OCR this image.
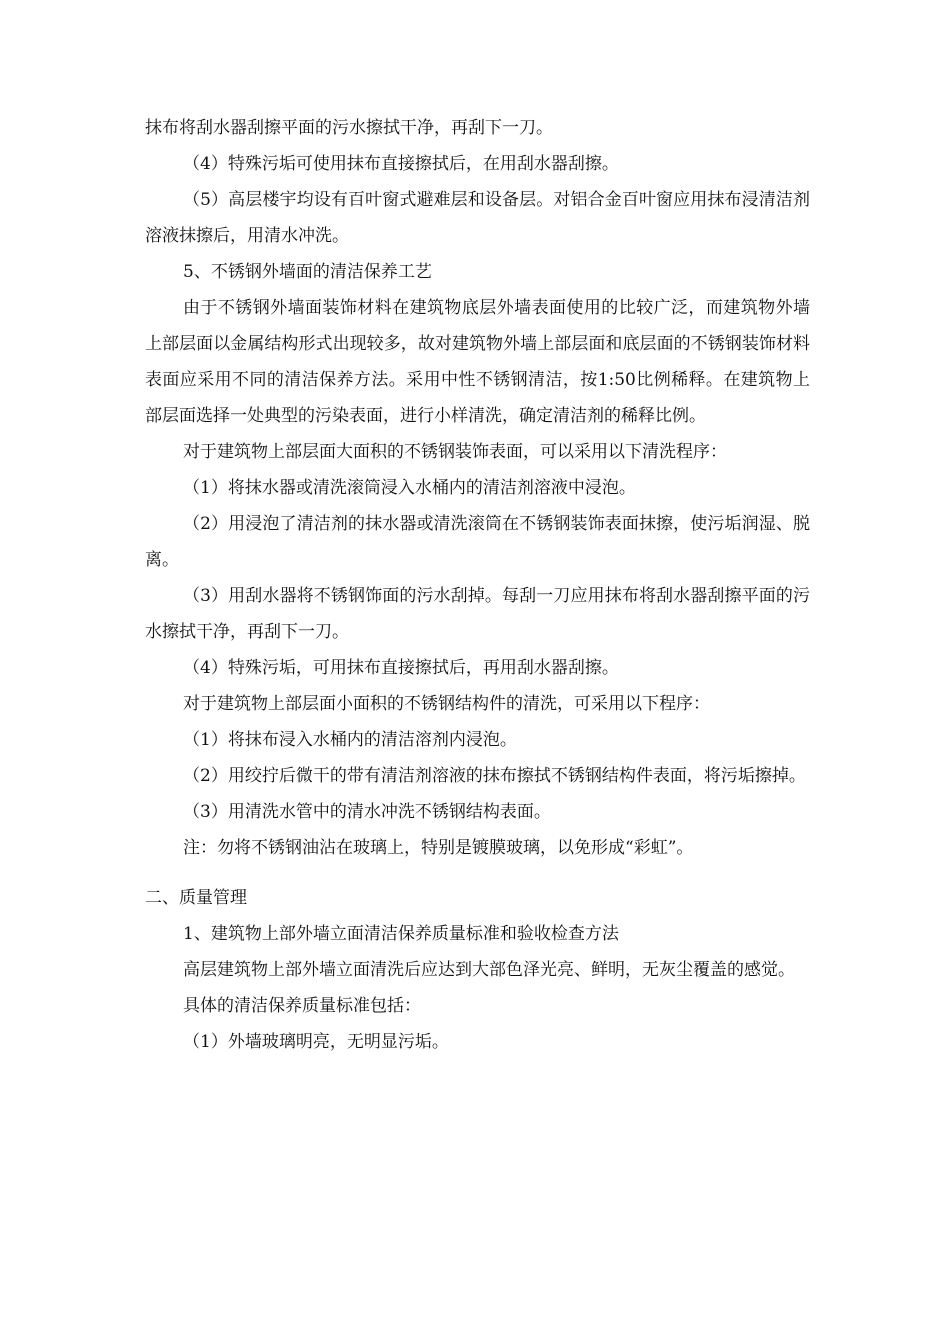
抹布将刮水器刮擦平面的污水擦拭干净，再刮下一刀。

（4）特殊污垢可使用抹布直接擦拭后，在用刮水器刮擦。

（5）高层楼宇均设有百叶窗式避难层和设备层。对铝合金百叶窗应用抹布浸清洁剂溶液抹擦后，用清水冲洗。

5、不锈钢外墙面的清洁保养工艺

由于不锈钢外墙面装饰材料在建筑物底层外墙表面使用的比较广泛，而建筑物外墙上部层面以金属结构形式出现较多，故对建筑物外墙上部层面和底层面的不锈钢装饰材料表面应采用不同的清洁保养方法。采用中性不锈钢清洁，按1:50比例稀释。在建筑物上部层面选择一处典型的污染表面，进行小样清洗，确定清洁剂的稀释比例。

对于建筑物上部层面大面积的不锈钢装饰表面，可以采用以下清洗程序：

（1）将抹水器或清洗滚筒浸入水桶内的清洁剂溶液中浸泡。

（2）用浸泡了清洁剂的抹水器或清洗滚筒在不锈钢装饰表面抹擦，使污垢润湿、脱离。

（3）用刮水器将不锈钢饰面的污水刮掉。每刮一刀应用抹布将刮水器刮擦平面的污水擦拭干净，再刮下一刀。

（4）特殊污垢，可用抹布直接擦拭后，再用刮水器刮擦。

对于建筑物上部层面小面积的不锈钢结构件的清洗，可采用以下程序：

（1）将抹布浸入水桶内的清洁溶剂内浸泡。

（2）用绞拧后微干的带有清洁剂溶液的抹布擦拭不锈钢结构件表面，将污垢擦掉。

（3）用清洗水管中的清水冲洗不锈钢结构表面。

注：勿将不锈钢油沾在玻璃上，特别是镀膜玻璃，以免形成“彩虹”。

二、质量管理

1、建筑物上部外墙立面清洁保养质量标准和验收检查方法

高层建筑物上部外墙立面清洗后应达到大部色泽光亮、鲜明，无灰尘覆盖的感觉。

具体的清洁保养质量标准包括：

（1）外墙玻璃明亮，无明显污垢。
